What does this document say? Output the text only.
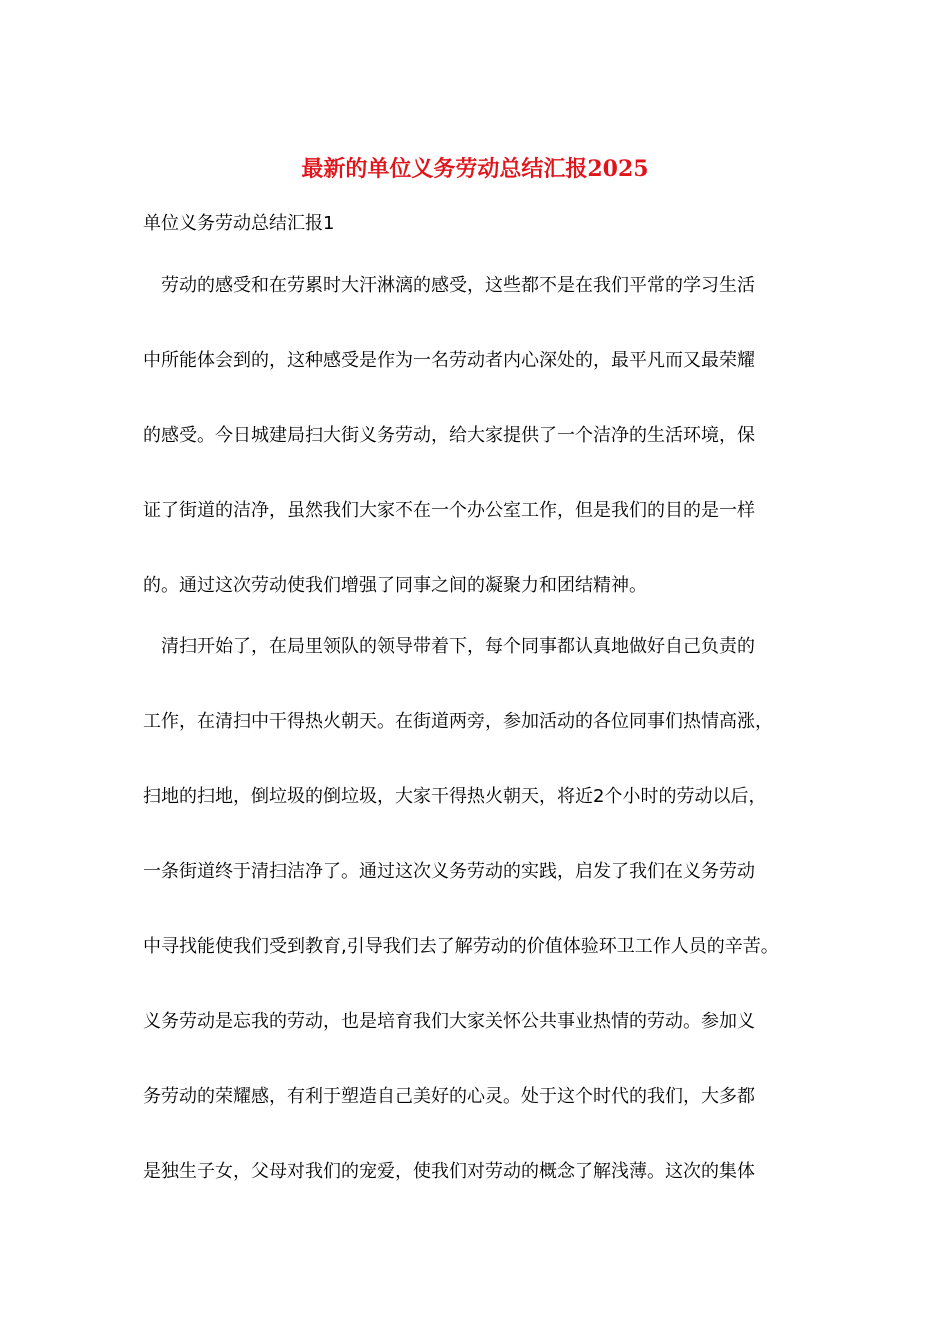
最新的单位义务劳动总结汇报2025

单位义务劳动总结汇报1

　劳动的感受和在劳累时大汗淋漓的感受，这些都不是在我们平常的学习生活

中所能体会到的，这种感受是作为一名劳动者内心深处的，最平凡而又最荣耀

的感受。今日城建局扫大街义务劳动，给大家提供了一个洁净的生活环境，保

证了街道的洁净，虽然我们大家不在一个办公室工作，但是我们的目的是一样

的。通过这次劳动使我们增强了同事之间的凝聚力和团结精神。

　清扫开始了，在局里领队的领导带着下，每个同事都认真地做好自己负责的

工作，在清扫中干得热火朝天。在街道两旁，参加活动的各位同事们热情高涨，

扫地的扫地，倒垃圾的倒垃圾，大家干得热火朝天，将近2个小时的劳动以后，

一条街道终于清扫洁净了。通过这次义务劳动的实践，启发了我们在义务劳动

中寻找能使我们受到教育,引导我们去了解劳动的价值体验环卫工作人员的辛苦。

义务劳动是忘我的劳动，也是培育我们大家关怀公共事业热情的劳动。参加义

务劳动的荣耀感，有利于塑造自己美好的心灵。处于这个时代的我们，大多都

是独生子女，父母对我们的宠爱，使我们对劳动的概念了解浅薄。这次的集体
